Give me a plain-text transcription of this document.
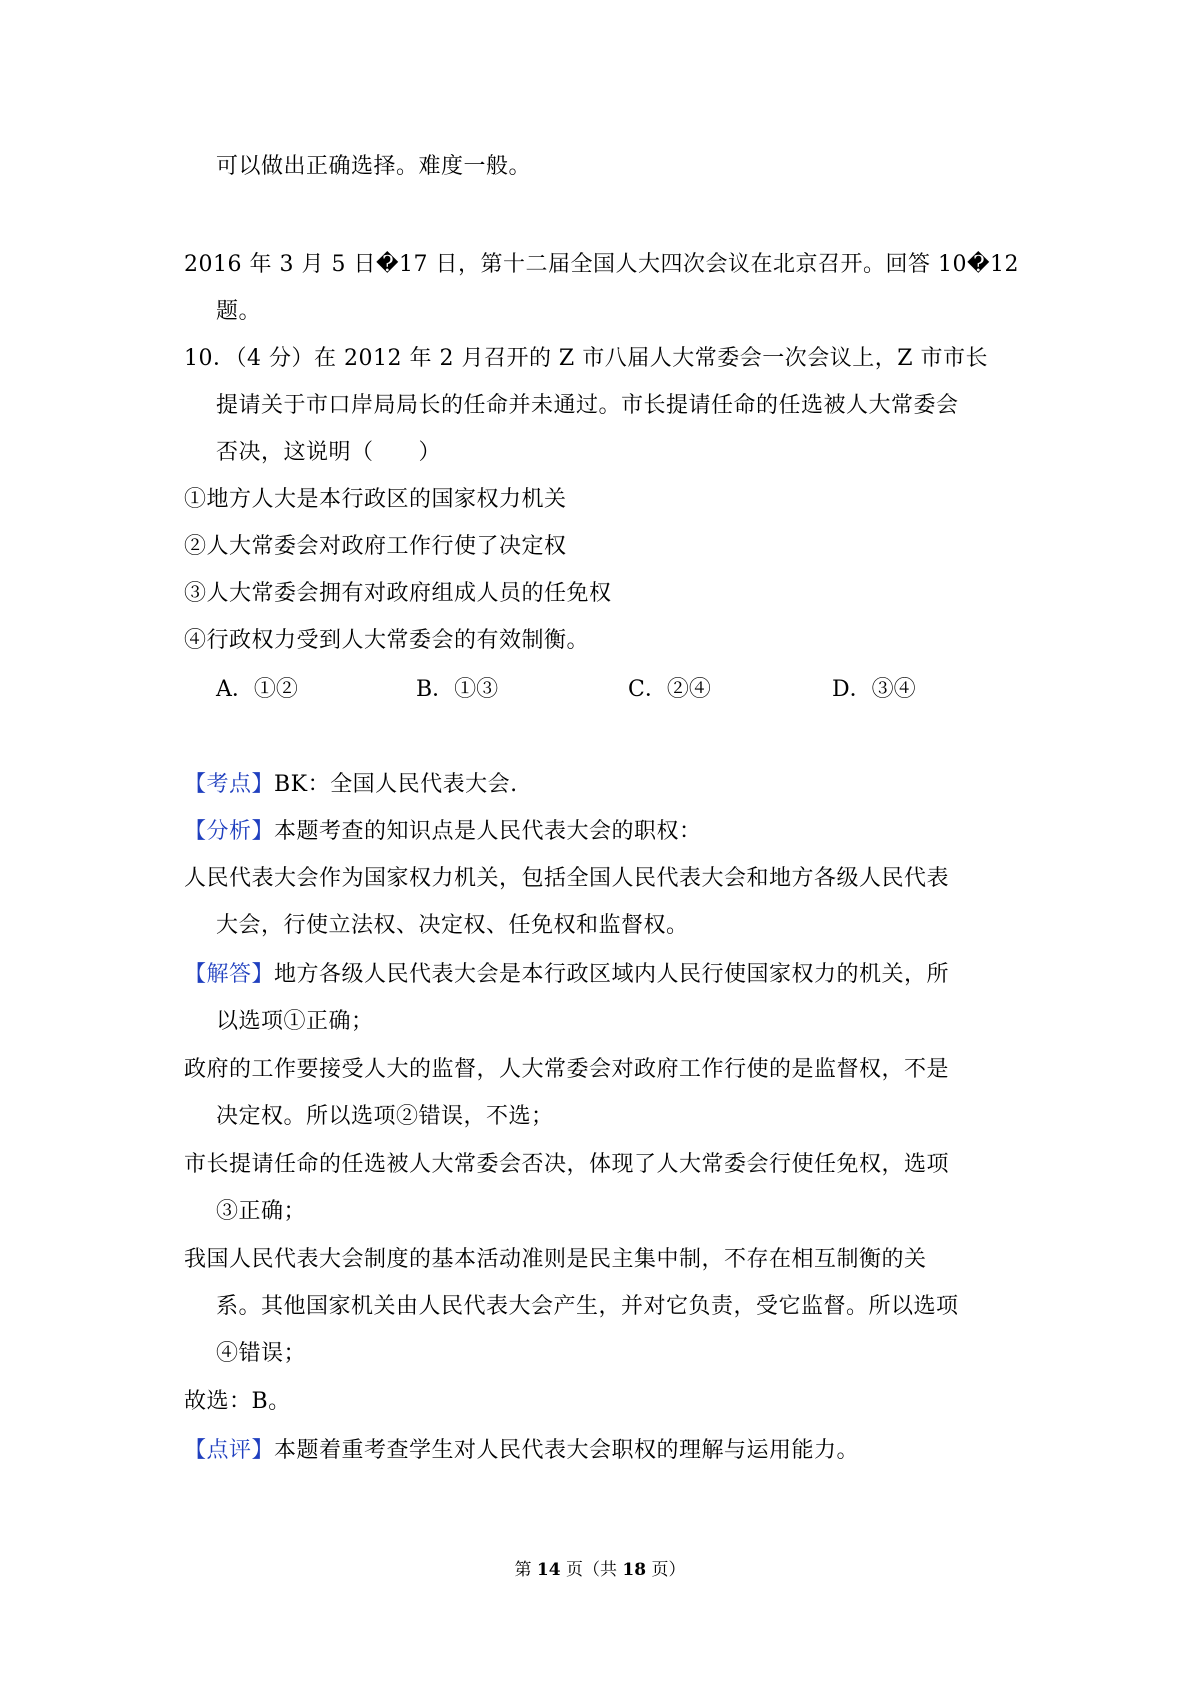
可以做出正确选择。难度一般。
2016 年 3 月 5 日�17 日，第十二届全国人大四次会议在北京召开。回答 10�12
题。
10．（4 分）在 2012 年 2 月召开的 Z 市八届人大常委会一次会议上，Z 市市长
提请关于市口岸局局长的任命并未通过。市长提请任命的任选被人大常委会
否决，这说明（　　）
①地方人大是本行政区的国家权力机关
②人大常委会对政府工作行使了决定权
③人大常委会拥有对政府组成人员的任免权
④行政权力受到人大常委会的有效制衡。
A．①②	B．①③	C．②④	D．③④
【考点】BK：全国人民代表大会.
【分析】本题考查的知识点是人民代表大会的职权：
人民代表大会作为国家权力机关，包括全国人民代表大会和地方各级人民代表
大会，行使立法权、决定权、任免权和监督权。
【解答】地方各级人民代表大会是本行政区域内人民行使国家权力的机关，所
以选项①正确；
政府的工作要接受人大的监督，人大常委会对政府工作行使的是监督权，不是
决定权。所以选项②错误，不选；
市长提请任命的任选被人大常委会否决，体现了人大常委会行使任免权，选项
③正确；
我国人民代表大会制度的基本活动准则是民主集中制，不存在相互制衡的关
系。其他国家机关由人民代表大会产生，并对它负责，受它监督。所以选项
④错误；
故选：B。
【点评】本题着重考查学生对人民代表大会职权的理解与运用能力。
第 14 页（共 18 页）
